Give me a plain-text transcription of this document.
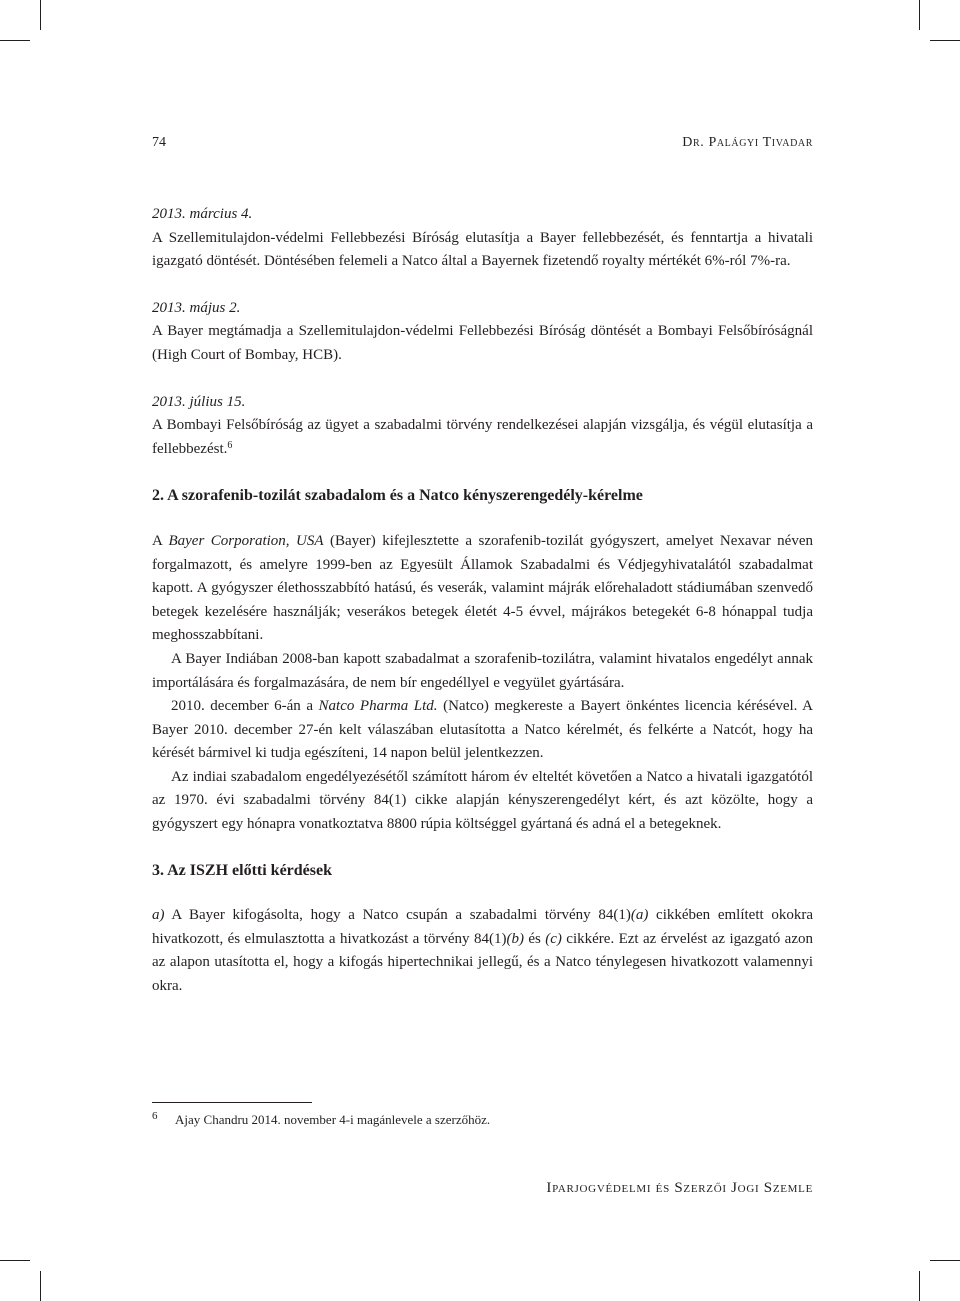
74	Dr. Palágyi Tivadar

2013. március 4.

A Szellemitulajdon-védelmi Fellebbezési Bíróság elutasítja a Bayer fellebbezését, és fenntartja a hivatali igazgató döntését. Döntésében felemeli a Natco által a Bayernek fizetendő royalty mértékét 6%-ról 7%-ra.

2013. május 2.

A Bayer megtámadja a Szellemitulajdon-védelmi Fellebbezési Bíróság döntését a Bombayi Felsőbíróságnál (High Court of Bombay, HCB).

2013. július 15.

A Bombayi Felsőbíróság az ügyet a szabadalmi törvény rendelkezései alapján vizsgálja, és végül elutasítja a fellebbezést.$^6$

2. A szorafenib-tozilát szabadalom és a Natco kényszerengedély-kérelme

A Bayer Corporation, USA (Bayer) kifejlesztette a szorafenib-tozilát gyógyszert, amelyet Nexavar néven forgalmazott, és amelyre 1999-ben az Egyesült Államok Szabadalmi és Védjegyhivatalától szabadalmat kapott. A gyógyszer élethosszabbító hatású, és veserák, valamint májrák előrehaladott stádiumában szenvedő betegek kezelésére használják; veserákos betegek életét 4-5 évvel, májrákos betegekét 6-8 hónappal tudja meghosszabbítani.

A Bayer Indiában 2008-ban kapott szabadalmat a szorafenib-tozilátra, valamint hivatalos engedélyt annak importálására és forgalmazására, de nem bír engedéllyel e vegyület gyártására.

2010. december 6-án a Natco Pharma Ltd. (Natco) megkereste a Bayert önkéntes licencia kérésével. A Bayer 2010. december 27-én kelt válaszában elutasította a Natco kérelmét, és felkérte a Natcót, hogy ha kérését bármivel ki tudja egészíteni, 14 napon belül jelentkezzen.

Az indiai szabadalom engedélyezésétől számított három év elteltét követően a Natco a hivatali igazgatótól az 1970. évi szabadalmi törvény 84(1) cikke alapján kényszerengedélyt kért, és azt közölte, hogy a gyógyszert egy hónapra vonatkoztatva 8800 rúpia költséggel gyártaná és adná el a betegeknek.

3. Az ISZH előtti kérdések

a) A Bayer kifogásolta, hogy a Natco csupán a szabadalmi törvény 84(1)(a) cikkében említett okokra hivatkozott, és elmulasztotta a hivatkozást a törvény 84(1)(b) és (c) cikkére. Ezt az érvelést az igazgató azon az alapon utasította el, hogy a kifogás hipertechnikai jellegű, és a Natco ténylegesen hivatkozott valamennyi okra.

6 Ajay Chandru 2014. november 4-i magánlevele a szerzőhöz.
Iparjogvédelmi és Szerzői Jogi Szemle
